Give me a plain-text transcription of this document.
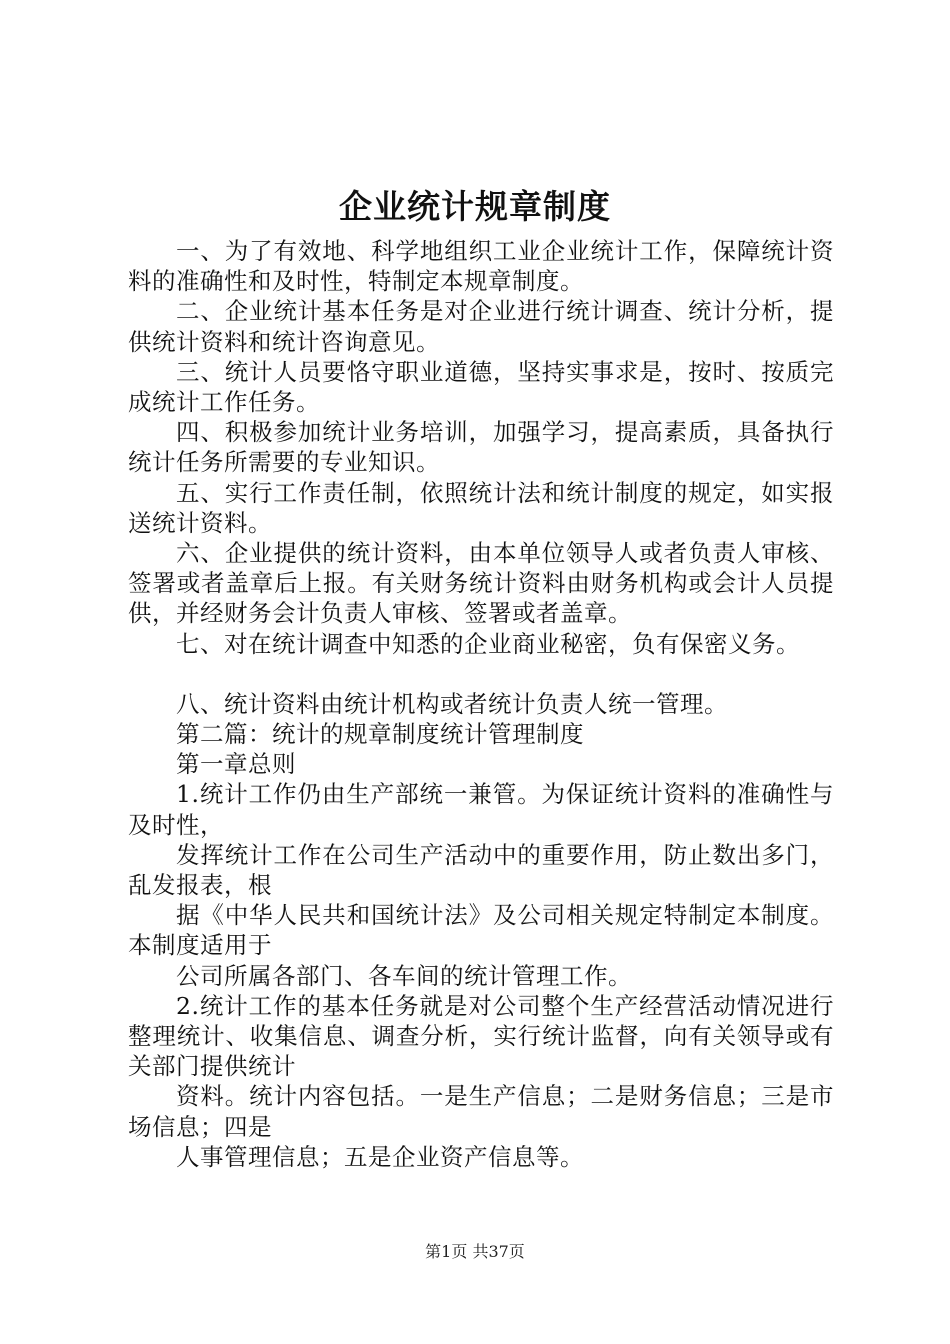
企业统计规章制度

一、为了有效地、科学地组织工业企业统计工作，保障统计资料的准确性和及时性，特制定本规章制度。

二、企业统计基本任务是对企业进行统计调查、统计分析，提供统计资料和统计咨询意见。

三、统计人员要恪守职业道德，坚持实事求是，按时、按质完成统计工作任务。

四、积极参加统计业务培训，加强学习，提高素质，具备执行统计任务所需要的专业知识。

五、实行工作责任制，依照统计法和统计制度的规定，如实报送统计资料。

六、企业提供的统计资料，由本单位领导人或者负责人审核、签署或者盖章后上报。有关财务统计资料由财务机构或会计人员提供，并经财务会计负责人审核、签署或者盖章。

七、对在统计调查中知悉的企业商业秘密，负有保密义务。

八、统计资料由统计机构或者统计负责人统一管理。

第二篇：统计的规章制度统计管理制度

第一章总则

1.统计工作仍由生产部统一兼管。为保证统计资料的准确性与及时性，

发挥统计工作在公司生产活动中的重要作用，防止数出多门，乱发报表，根

据《中华人民共和国统计法》及公司相关规定特制定本制度。本制度适用于

公司所属各部门、各车间的统计管理工作。

2.统计工作的基本任务就是对公司整个生产经营活动情况进行整理统计、收集信息、调查分析，实行统计监督，向有关领导或有关部门提供统计

资料。统计内容包括。一是生产信息；二是财务信息；三是市场信息；四是

人事管理信息；五是企业资产信息等。

第1页 共37页
